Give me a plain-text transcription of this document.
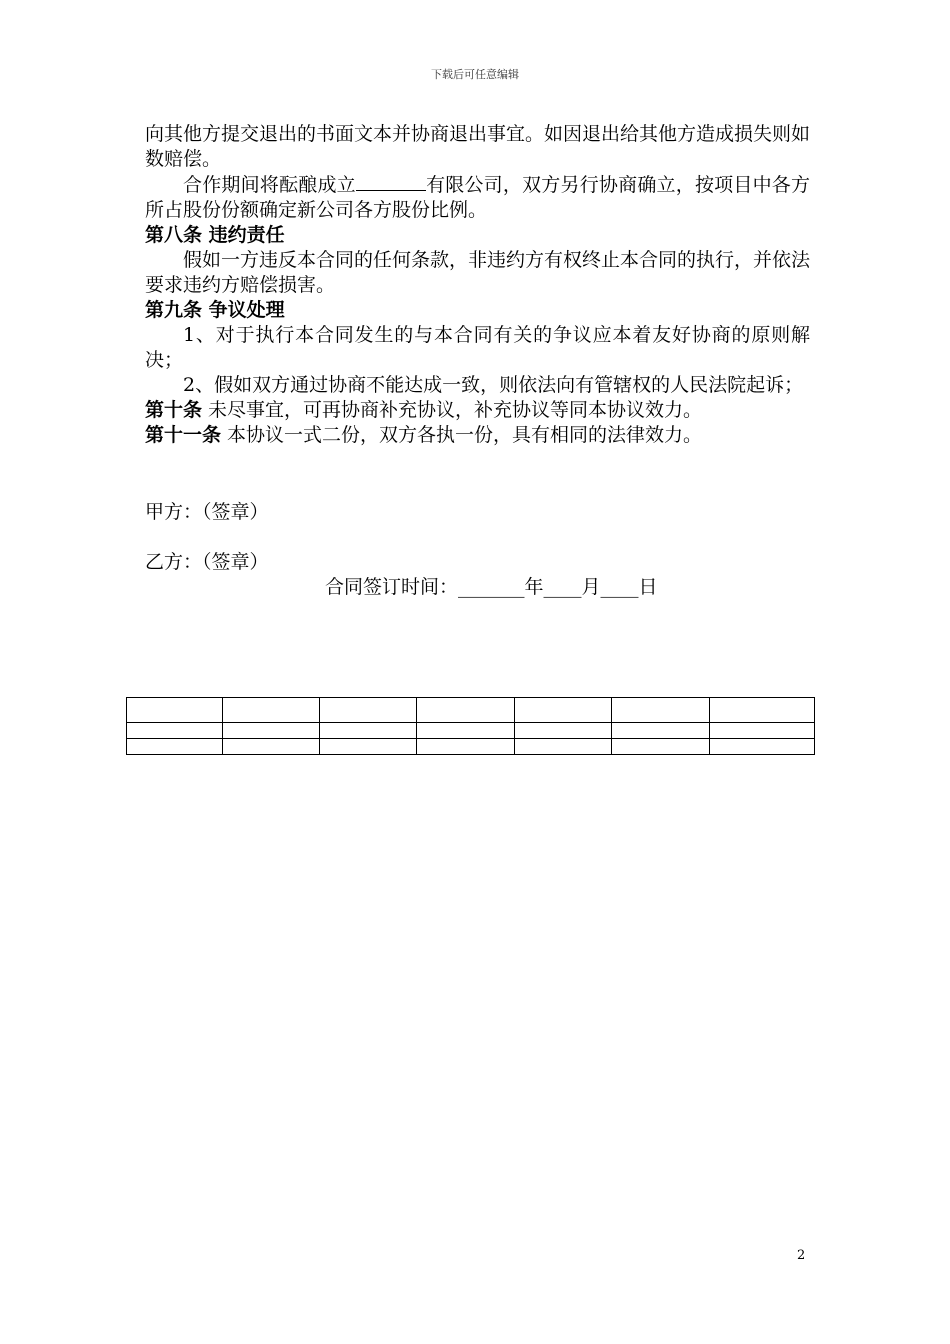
下载后可任意编辑

向其他方提交退出的书面文本并协商退出事宜。如因退出给其他方造成损失则如数赔偿。

合作期间将酝酿成立	有限公司，双方另行协商确立，按项目中各方所占股份份额确定新公司各方股份比例。

第八条 违约责任

假如一方违反本合同的任何条款，非违约方有权终止本合同的执行，并依法要求违约方赔偿损害。

第九条 争议处理

1、对于执行本合同发生的与本合同有关的争议应本着友好协商的原则解决；

2、假如双方通过协商不能达成一致，则依法向有管辖权的人民法院起诉；

第十条 未尽事宜，可再协商补充协议，补充协议等同本协议效力。

第十一条 本协议一式二份，双方各执一份，具有相同的法律效力。

甲方：（签章）
乙方：（签章）
合同签订时间：_______年____月____日

2
